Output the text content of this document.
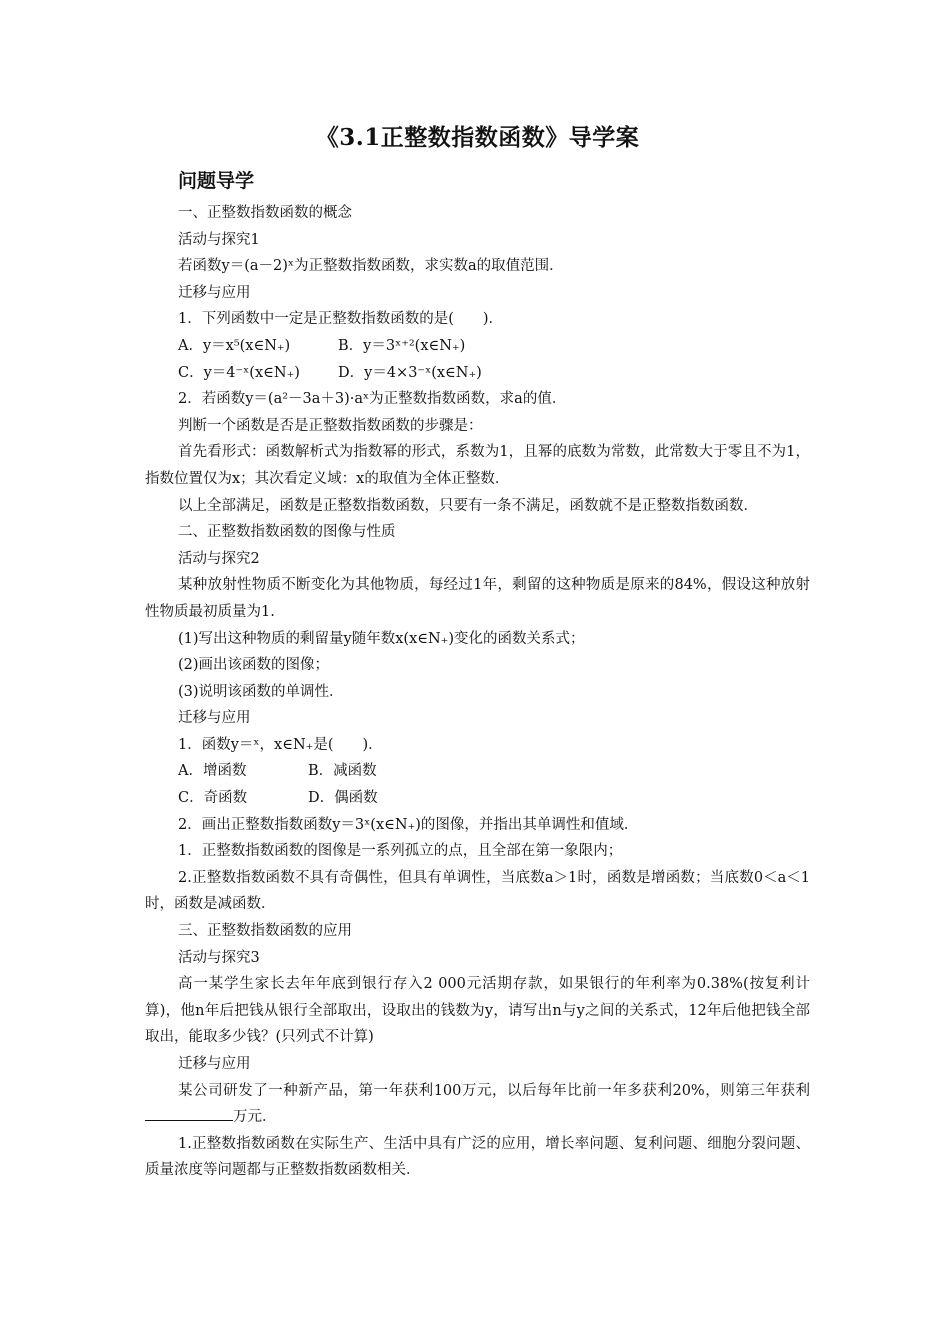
《3.1正整数指数函数》导学案
问题导学

一、正整数指数函数的概念

活动与探究1

若函数y＝(a－2)ˣ为正整数指数函数，求实数a的取值范围．

迁移与应用

1．下列函数中一定是正整数指数函数的是(　　)．

A．y＝x⁵(x∈N₊)	B．y＝3ˣ⁺²(x∈N₊)

C．y＝4⁻ˣ(x∈N₊)	D．y＝4×3⁻ˣ(x∈N₊)

2．若函数y＝(a²－3a＋3)·aˣ为正整数指数函数，求a的值．

判断一个函数是否是正整数指数函数的步骤是：

首先看形式：函数解析式为指数幂的形式，系数为1，且幂的底数为常数，此常数大于零且不为1，指数位置仅为x；其次看定义域：x的取值为全体正整数．

以上全部满足，函数是正整数指数函数，只要有一条不满足，函数就不是正整数指数函数．

二、正整数指数函数的图像与性质

活动与探究2

某种放射性物质不断变化为其他物质，每经过1年，剩留的这种物质是原来的84%，假设这种放射性物质最初质量为1.

(1)写出这种物质的剩留量y随年数x(x∈N₊)变化的函数关系式；

(2)画出该函数的图像；

(3)说明该函数的单调性．

迁移与应用

1．函数y＝ˣ，x∈N₊是(　　)．

A．增函数	B．减函数

C．奇函数	D．偶函数

2．画出正整数指数函数y＝3ˣ(x∈N₊)的图像，并指出其单调性和值域．

1．正整数指数函数的图像是一系列孤立的点，且全部在第一象限内；

2.正整数指数函数不具有奇偶性，但具有单调性，当底数a＞1时，函数是增函数；当底数0＜a＜1时，函数是减函数．

三、正整数指数函数的应用

活动与探究3

高一某学生家长去年年底到银行存入2 000元活期存款，如果银行的年利率为0.38%(按复利计算)，他n年后把钱从银行全部取出，设取出的钱数为y，请写出n与y之间的关系式，12年后他把钱全部取出，能取多少钱？(只列式不计算)

迁移与应用

某公司研发了一种新产品，第一年获利100万元，以后每年比前一年多获利20%，则第三年获利万元．

1.正整数指数函数在实际生产、生活中具有广泛的应用，增长率问题、复利问题、细胞分裂问题、质量浓度等问题都与正整数指数函数相关．
